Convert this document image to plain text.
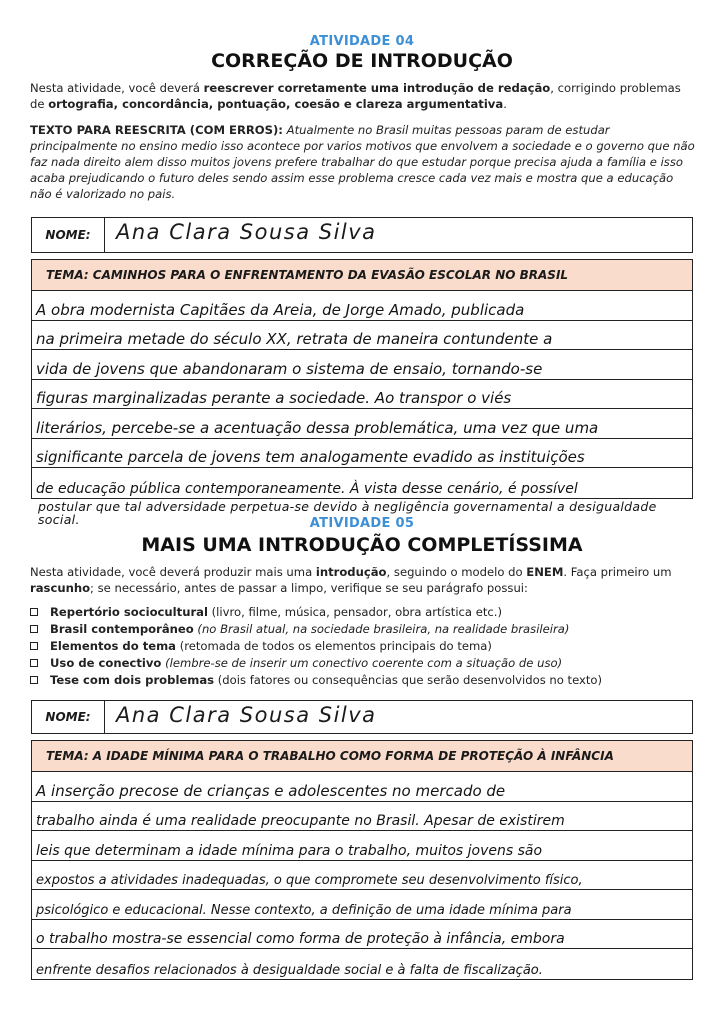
ATIVIDADE 04
CORREÇÃO DE INTRODUÇÃO
Nesta atividade, você deverá reescrever corretamente uma introdução de redação, corrigindo problemas de ortografia, concordância, pontuação, coesão e clareza argumentativa.
TEXTO PARA REESCRITA (COM ERROS): Atualmente no Brasil muitas pessoas param de estudar principalmente no ensino medio isso acontece por varios motivos que envolvem a sociedade e o governo que não faz nada direito alem disso muitos jovens prefere trabalhar do que estudar porque precisa ajuda a família e isso acaba prejudicando o futuro deles sendo assim esse problema cresce cada vez mais e mostra que a educação não é valorizado no pais.
NOME:	Ana Clara Sousa Silva
TEMA: CAMINHOS PARA O ENFRENTAMENTO DA EVASÃO ESCOLAR NO BRASIL
A obra modernista Capitães da Areia, de Jorge Amado, publicada
na primeira metade do século XX, retrata de maneira contundente a
vida de jovens que abandonaram o sistema de ensaio, tornando-se
figuras marginalizadas perante a sociedade. Ao transpor o viés
literários, percebe-se a acentuação dessa problemática, uma vez que uma
significante parcela de jovens tem analogamente evadido as instituições
de educação pública contemporaneamente. À vista desse cenário, é possível
postular que tal adversidade perpetua-se devido à negligência governamental a desigualdade social.	ATIVIDADE 05
MAIS UMA INTRODUÇÃO COMPLETÍSSIMA
Nesta atividade, você deverá produzir mais uma introdução, seguindo o modelo do ENEM. Faça primeiro um rascunho; se necessário, antes de passar a limpo, verifique se seu parágrafo possui:
Repertório sociocultural (livro, filme, música, pensador, obra artística etc.)
Brasil contemporâneo (no Brasil atual, na sociedade brasileira, na realidade brasileira)
Elementos do tema (retomada de todos os elementos principais do tema)
Uso de conectivo (lembre-se de inserir um conectivo coerente com a situação de uso)
Tese com dois problemas (dois fatores ou consequências que serão desenvolvidos no texto)
NOME:	Ana Clara Sousa Silva
TEMA: A IDADE MÍNIMA PARA O TRABALHO COMO FORMA DE PROTEÇÃO À INFÂNCIA
A inserção precose de crianças e adolescentes no mercado de
trabalho ainda é uma realidade preocupante no Brasil. Apesar de existirem
leis que determinam a idade mínima para o trabalho, muitos jovens são
expostos a atividades inadequadas, o que compromete seu desenvolvimento físico,
psicológico e educacional. Nesse contexto, a definição de uma idade mínima para
o trabalho mostra-se essencial como forma de proteção à infância, embora
enfrente desafios relacionados à desigualdade social e à falta de fiscalização.
